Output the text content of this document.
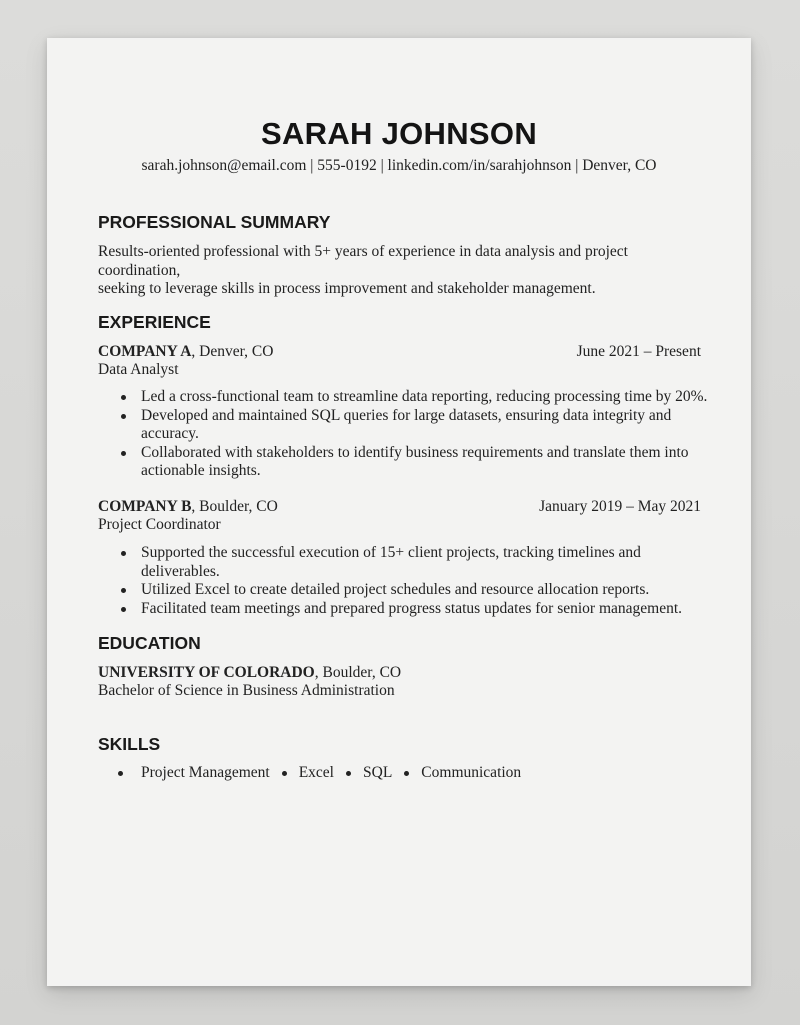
SARAH JOHNSON
sarah.johnson@email.com | 555-0192 | linkedin.com/in/sarahjohnson | Denver, CO
PROFESSIONAL SUMMARY
Results-oriented professional with 5+ years of experience in data analysis and project coordination,
seeking to leverage skills in process improvement and stakeholder management.
EXPERIENCE
COMPANY A, Denver, CO	June 2021 – Present
Data Analyst
Led a cross-functional team to streamline data reporting, reducing processing time by 20%.
Developed and maintained SQL queries for large datasets, ensuring data integrity and
accuracy.
Collaborated with stakeholders to identify business requirements and translate them into
actionable insights.
COMPANY B, Boulder, CO	January 2019 – May 2021
Project Coordinator
Supported the successful execution of 15+ client projects, tracking timelines and deliverables.
Utilized Excel to create detailed project schedules and resource allocation reports.
Facilitated team meetings and prepared progress status updates for senior management.
EDUCATION
UNIVERSITY OF COLORADO, Boulder, CO
Bachelor of Science in Business Administration
SKILLS
Project Management Excel SQL Communication
